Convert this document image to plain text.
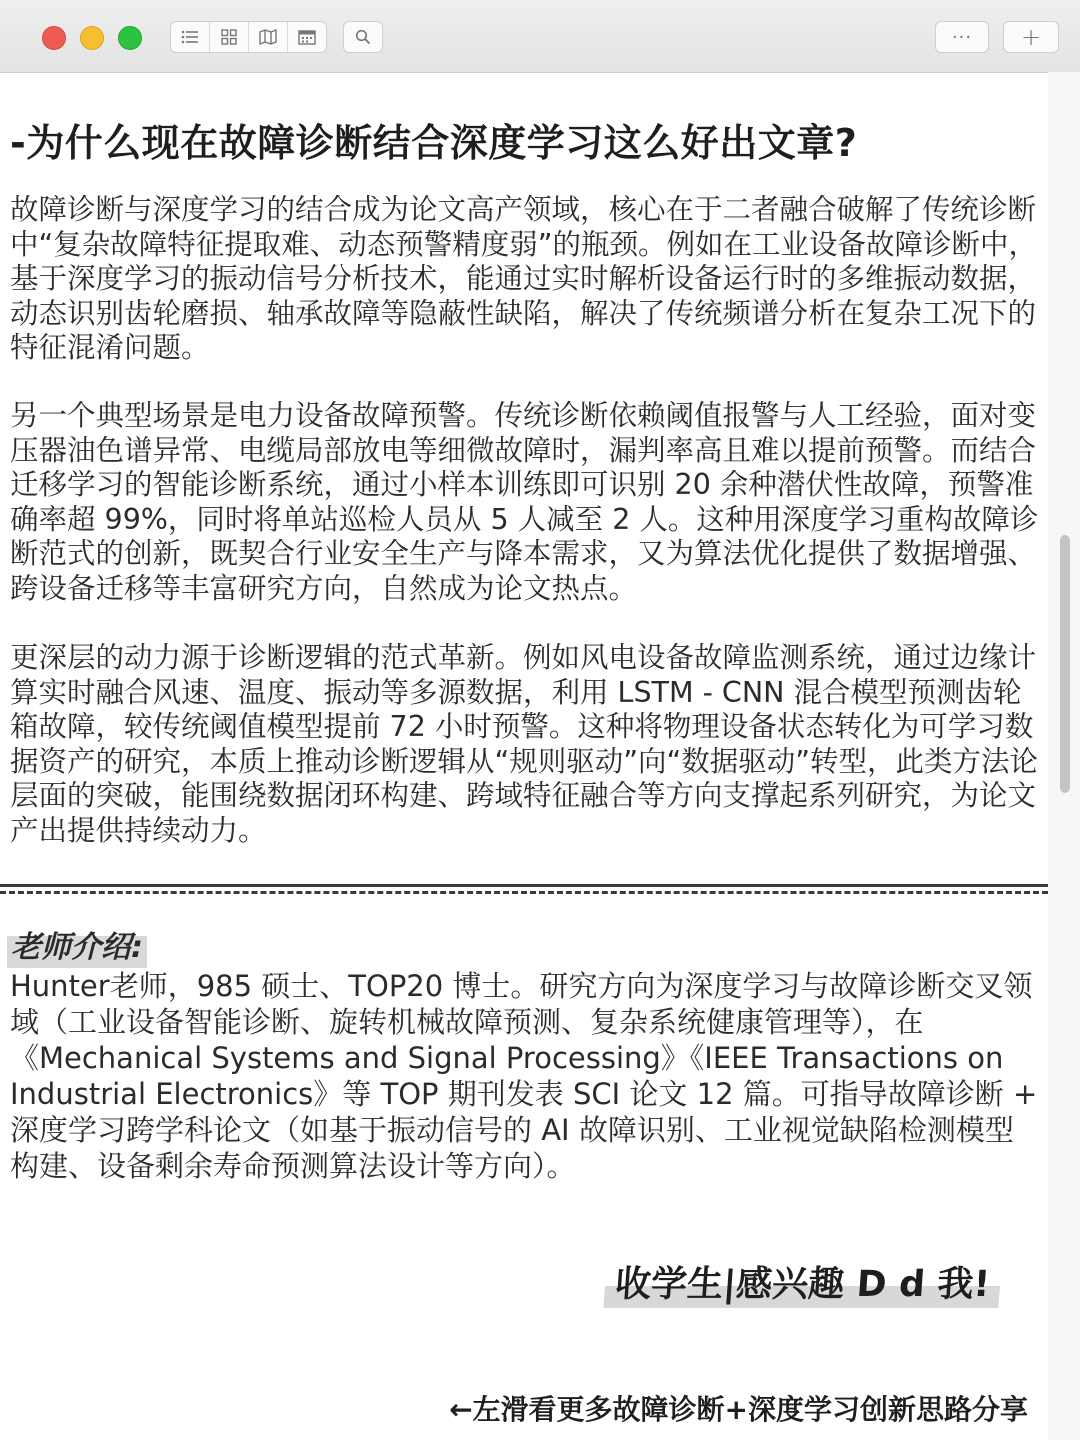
···	+
-为什么现在故障诊断结合深度学习这么好出文章?

故障诊断与深度学习的结合成为论文高产领域，核心在于二者融合破解了传统诊断中“复杂故障特征提取难、动态预警精度弱”的瓶颈。例如在工业设备故障诊断中，基于深度学习的振动信号分析技术，能通过实时解析设备运行时的多维振动数据，动态识别齿轮磨损、轴承故障等隐蔽性缺陷，解决了传统频谱分析在复杂工况下的特征混淆问题。

另一个典型场景是电力设备故障预警。传统诊断依赖阈值报警与人工经验，面对变压器油色谱异常、电缆局部放电等细微故障时，漏判率高且难以提前预警。而结合迁移学习的智能诊断系统，通过小样本训练即可识别 20 余种潜伏性故障，预警准确率超 99%，同时将单站巡检人员从 5 人减至 2 人。这种用深度学习重构故障诊断范式的创新，既契合行业安全生产与降本需求，又为算法优化提供了数据增强、跨设备迁移等丰富研究方向，自然成为论文热点。

更深层的动力源于诊断逻辑的范式革新。例如风电设备故障监测系统，通过边缘计算实时融合风速、温度、振动等多源数据，利用 LSTM - CNN 混合模型预测齿轮箱故障，较传统阈值模型提前 72 小时预警。这种将物理设备状态转化为可学习数据资产的研究，本质上推动诊断逻辑从“规则驱动”向“数据驱动”转型，此类方法论层面的突破，能围绕数据闭环构建、跨域特征融合等方向支撑起系列研究，为论文产出提供持续动力。

老师介绍:

Hunter老师，985 硕士、TOP20 博士。研究方向为深度学习与故障诊断交叉领域（工业设备智能诊断、旋转机械故障预测、复杂系统健康管理等），在《Mechanical Systems and Signal Processing》《IEEE Transactions on Industrial Electronics》等 TOP 期刊发表 SCI 论文 12 篇。可指导故障诊断 + 深度学习跨学科论文（如基于振动信号的 AI 故障识别、工业视觉缺陷检测模型构建、设备剩余寿命预测算法设计等方向）。

收学生|感兴趣 D d 我!
←左滑看更多故障诊断+深度学习创新思路分享
